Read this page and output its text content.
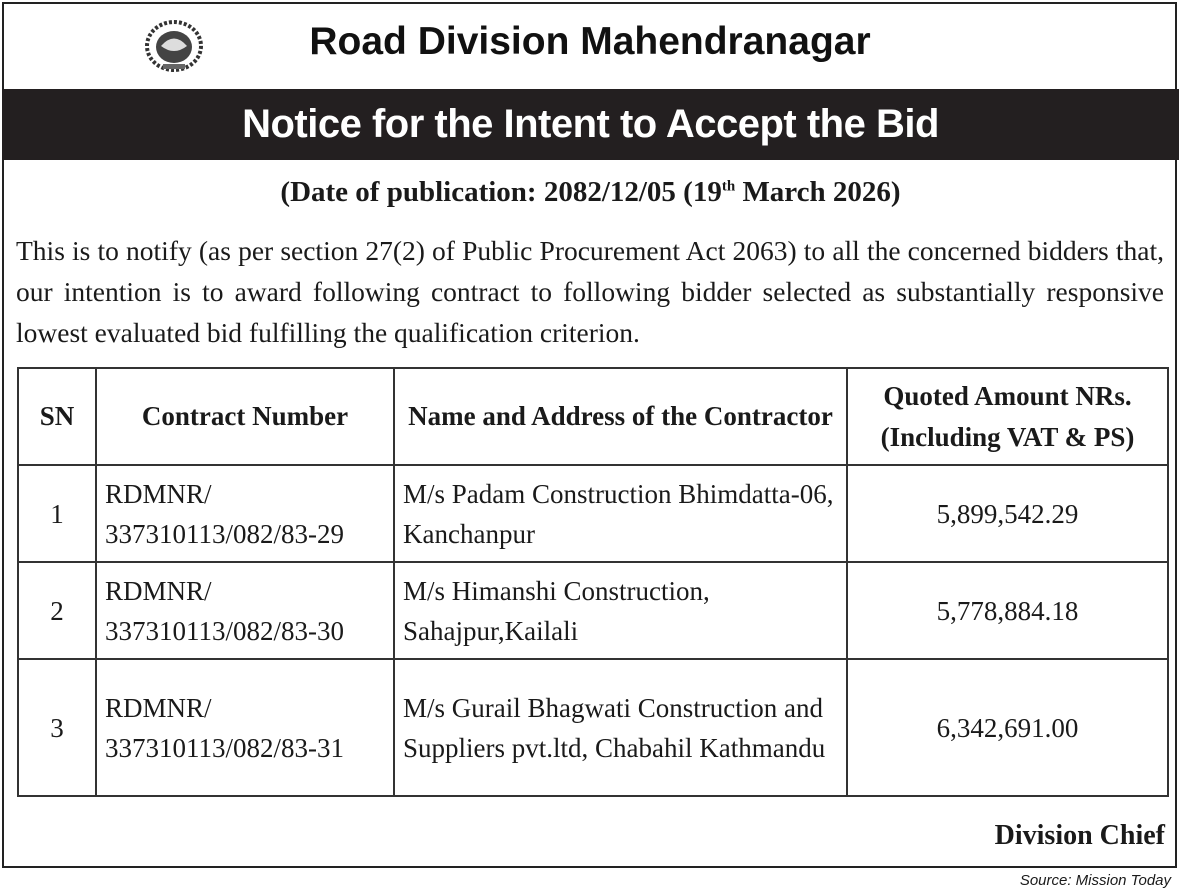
Road Division Mahendranagar
Notice for the Intent to Accept the Bid
(Date of publication: 2082/12/05 (19th March 2026)
This is to notify (as per section 27(2) of Public Procurement Act 2063) to all the concerned bidders that, our intention is to award following contract to following bidder selected as substantially responsive lowest evaluated bid fulfilling the qualification criterion.
SN	Contract Number	Name and Address of the Contractor	Quoted Amount NRs. (Including VAT & PS)
1	RDMNR/ 337310113/082/83-29	M/s Padam Construction Bhimdatta-06, Kanchanpur	5,899,542.29
2	RDMNR/ 337310113/082/83-30	M/s Himanshi Construction, Sahajpur,Kailali	5,778,884.18
3	RDMNR/ 337310113/082/83-31	M/s Gurail Bhagwati Construction and Suppliers pvt.ltd, Chabahil Kathmandu	6,342,691.00
Division Chief
Source: Mission Today
